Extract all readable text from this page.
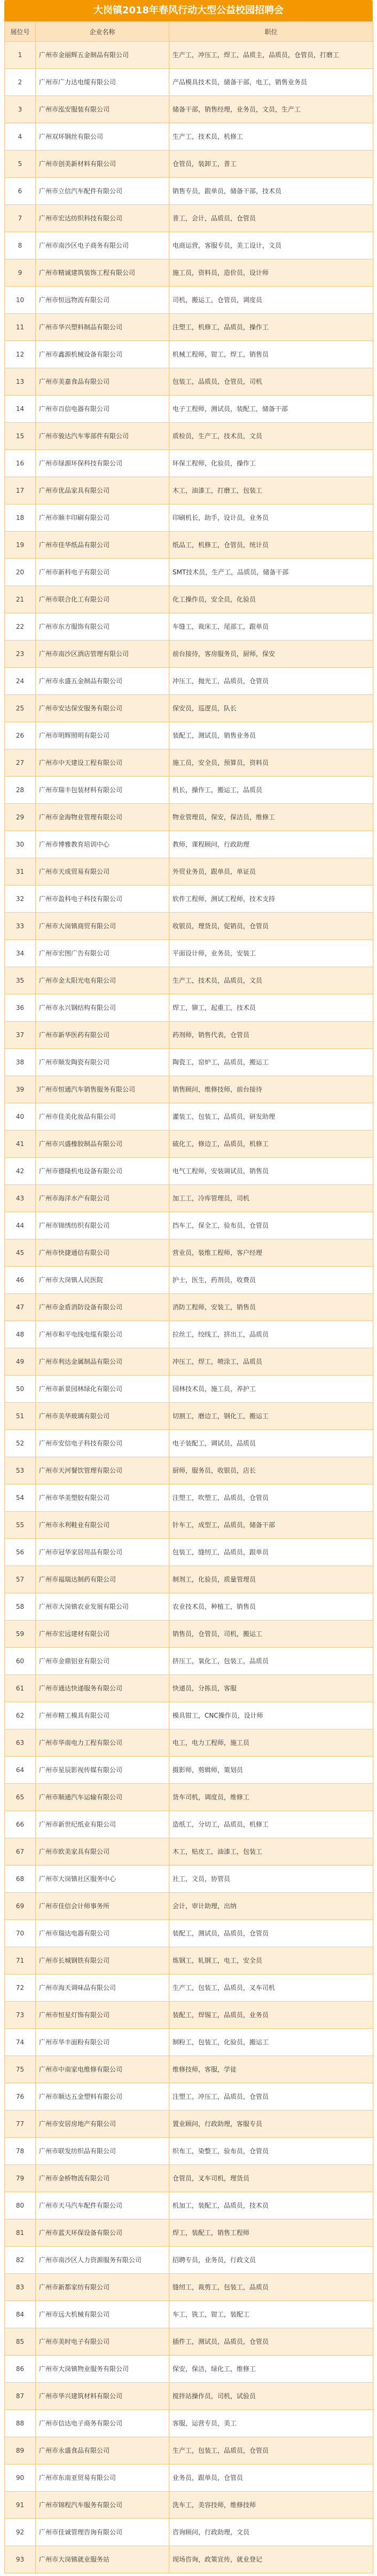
大岗镇2018年春风行动大型公益校园招聘会
展位号	企业名称	职位
1	广州市金丽辉五金制品有限公司	生产工，冲压工，焊工，品质主，品质员，仓管员，打磨工
2	广州市广力达电缆有限公司	产品模具技术员，储备干部，电工，销售业务员
3	广州市泓安服装有限公司	储备干部，销售经理，业务员，文员，生产工
4	广州双环钢丝有限公司	生产工，技术员，机修工
5	广州市创美新材料有限公司	仓管员，装卸工，普工
6	广州市立信汽车配件有限公司	销售专员，跟单员，储备干部，技术员
7	广州市宏达纺织科技有限公司	普工，会计，品质员，仓管员
8	广州市南沙区电子商务有限公司	电商运营，客服专员，美工设计，文员
9	广州市精诚建筑装饰工程有限公司	施工员，资料员，造价员，设计师
10	广州市恒远物流有限公司	司机，搬运工，仓管员，调度员
11	广州市华兴塑料制品有限公司	注塑工，机修工，品质员，操作工
12	广州市鑫源机械设备有限公司	机械工程师，钳工，焊工，销售员
13	广州市美嘉食品有限公司	包装工，品质员，仓管员，司机
14	广州市百信电器有限公司	电子工程师，测试员，装配工，储备干部
15	广州市骏达汽车零部件有限公司	质检员，生产工，技术员，文员
16	广州市绿源环保科技有限公司	环保工程师，化验员，操作工
17	广州市优品家具有限公司	木工，油漆工，打磨工，包装工
18	广州市顺丰印刷有限公司	印刷机长，助手，设计员，业务员
19	广州市佳华纸品有限公司	纸品工，机修工，仓管员，统计员
20	广州市新科电子有限公司	SMT技术员，生产工，品质员，储备干部
21	广州市联合化工有限公司	化工操作员，安全员，化验员
22	广州市东方服饰有限公司	车缝工，裁床工，尾部工，跟单员
23	广州市南沙区酒店管理有限公司	前台接待，客房服务员，厨师，保安
24	广州市永盛五金制品有限公司	冲压工，抛光工，品质员，仓管员
25	广州市安达保安服务有限公司	保安员，巡逻员，队长
26	广州市明辉照明有限公司	装配工，测试员，销售业务员
27	广州市中天建设工程有限公司	施工员，安全员，预算员，资料员
28	广州市瑞丰包装材料有限公司	机长，操作工，搬运工，品质员
29	广州市金海物业管理有限公司	物业管理员，保安，保洁员，维修工
30	广州市博雅教育培训中心	教师，课程顾问，行政助理
31	广州市天成贸易有限公司	外贸业务员，跟单员，单证员
32	广州市盈科电子科技有限公司	软件工程师，测试工程师，技术支持
33	广州市大岗镇商贸有限公司	收银员，理货员，促销员，仓管员
34	广州市宏图广告有限公司	平面设计师，业务员，安装工
35	广州市金太阳光电有限公司	生产工，技术员，品质员，文员
36	广州市永兴钢结构有限公司	焊工，铆工，起重工，技术员
37	广州市新华医药有限公司	药剂师，销售代表，仓管员
38	广州市顺发陶瓷有限公司	陶瓷工，窑炉工，品质员，搬运工
39	广州市恒通汽车销售服务有限公司	销售顾问，维修技师，前台接待
40	广州市佳美化妆品有限公司	灌装工，包装工，品质员，研发助理
41	广州市兴盛橡胶制品有限公司	硫化工，修边工，品质员，机修工
42	广州市德隆机电设备有限公司	电气工程师，安装调试员，销售员
43	广州市海洋水产有限公司	加工工，冷库管理员，司机
44	广州市锦绣纺织有限公司	挡车工，保全工，验布员，仓管员
45	广州市快捷通信有限公司	营业员，装维工程师，客户经理
46	广州市大岗镇人民医院	护士，医生，药剂员，收费员
47	广州市金盾消防设备有限公司	消防工程师，安装工，销售员
48	广州市和平电线电缆有限公司	拉丝工，绞线工，挤出工，品质员
49	广州市利达金属制品有限公司	冲压工，焊工，喷涂工，品质员
50	广州市新景园林绿化有限公司	园林技术员，施工员，养护工
51	广州市美华玻璃有限公司	切割工，磨边工，钢化工，搬运工
52	广州市安信电子科技有限公司	电子装配工，调试员，品质员
53	广州市天河餐饮管理有限公司	厨师，服务员，收银员，店长
54	广州市华美塑胶有限公司	注塑工，吹塑工，品质员，仓管员
55	广州市永利鞋业有限公司	针车工，成型工，品质员，储备干部
56	广州市冠华家居用品有限公司	包装工，缝纫工，品质员，跟单员
57	广州市福瑞达制药有限公司	制剂工，化验员，质量管理员
58	广州市大岗镇农业发展有限公司	农业技术员，种植工，销售员
59	广州市宏远建材有限公司	销售员，仓管员，司机，搬运工
60	广州市金鼎铝业有限公司	挤压工，氧化工，包装工，品质员
61	广州市通达快递服务有限公司	快递员，分拣员，客服
62	广州市精工模具有限公司	模具钳工，CNC操作员，设计师
63	广州市华南电力工程有限公司	电工，电力工程师，施工员
64	广州市星辰影视传媒有限公司	摄影师，剪辑师，策划员
65	广州市顺通汽车运输有限公司	货车司机，调度员，维修工
66	广州市新世纪纸业有限公司	造纸工，分切工，品质员，机修工
67	广州市欧美家具有限公司	木工，贴皮工，油漆工，包装工
68	广州市大岗镇社区服务中心	社工，文员，协管员
69	广州市佳信会计师事务所	会计，审计助理，出纳
70	广州市瑞达电器有限公司	装配工，测试员，品质员，仓管员
71	广州市长城钢铁有限公司	炼钢工，轧钢工，电工，安全员
72	广州市海天调味品有限公司	生产工，包装工，品质员，叉车司机
73	广州市恒星灯饰有限公司	装配工，焊锡工，品质员，业务员
74	广州市华丰面粉有限公司	制粉工，包装工，化验员，搬运工
75	广州市中南家电维修有限公司	维修技师，客服，学徒
76	广州市顺达五金塑料有限公司	注塑工，冲压工，品质员，仓管员
77	广州市安居房地产有限公司	置业顾问，行政助理，客服专员
78	广州市联发纺织品有限公司	织布工，染整工，验布员，仓管员
79	广州市金桥物流有限公司	仓管员，叉车司机，理货员
80	广州市天马汽车配件有限公司	机加工，装配工，品质员，技术员
81	广州市蓝天环保设备有限公司	焊工，装配工，销售工程师
82	广州市南沙区人力资源服务有限公司	招聘专员，业务员，行政文员
83	广州市新都家纺有限公司	缝纫工，裁剪工，包装工，品质员
84	广州市远大机械有限公司	车工，铣工，钳工，装配工
85	广州市美时电子有限公司	插件工，测试员，品质员，仓管员
86	广州市大岗镇物业服务有限公司	保安，保洁，绿化工，维修工
87	广州市华兴建筑材料有限公司	搅拌站操作员，司机，试验员
88	广州市信达电子商务有限公司	客服，运营专员，美工
89	广州市永盛食品有限公司	生产工，包装工，品质员，仓管员
90	广州市东南亚贸易有限公司	业务员，跟单员，仓管员
91	广州市锦程汽车服务有限公司	洗车工，美容技师，维修技师
92	广州市佳诚管理咨询有限公司	咨询顾问，行政助理，文员
93	广州市大岗镇就业服务站	现场咨询，政策宣传，就业登记
